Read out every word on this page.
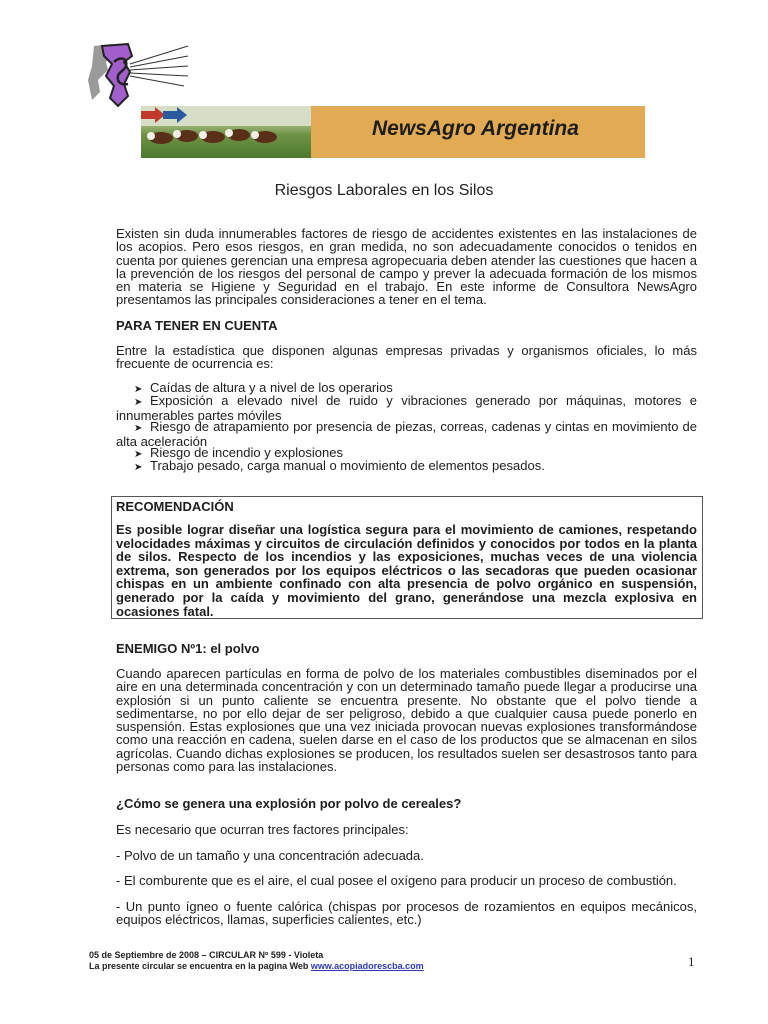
NewsAgro Argentina
Riesgos Laborales en los Silos

Existen sin duda innumerables factores de riesgo de accidentes existentes en las instalaciones de los acopios. Pero esos riesgos, en gran medida, no son adecuadamente conocidos o tenidos en cuenta por quienes gerencian una empresa agropecuaria deben atender las cuestiones que hacen a la prevención de los riesgos del personal de campo y prever la adecuada formación de los mismos en materia se Higiene y Seguridad en el trabajo. En este informe de Consultora NewsAgro presentamos las principales consideraciones a tener en el tema.

PARA TENER EN CUENTA

Entre la estadística que disponen algunas empresas privadas y organismos oficiales, lo más frecuente de ocurrencia es:

➤ Caídas de altura y a nivel de los operarios

➤ Exposición a elevado nivel de ruido y vibraciones generado por máquinas, motores e innumerables partes móviles

➤ Riesgo de atrapamiento por presencia de piezas, correas, cadenas y cintas en movimiento de alta aceleración

➤ Riesgo de incendio y explosiones

➤ Trabajo pesado, carga manual o movimiento de elementos pesados.

RECOMENDACIÓN

Es posible lograr diseñar una logística segura para el movimiento de camiones, respetando velocidades máximas y circuitos de circulación definidos y conocidos por todos en la planta de silos. Respecto de los incendios y las exposiciones, muchas veces de una violencia extrema, son generados por los equipos eléctricos o las secadoras que pueden ocasionar chispas en un ambiente confinado con alta presencia de polvo orgánico en suspensión, generado por la caída y movimiento del grano, generándose una mezcla explosiva en ocasiones fatal.

ENEMIGO Nº1: el polvo

Cuando aparecen partículas en forma de polvo de los materiales combustibles diseminados por el aire en una determinada concentración y con un determinado tamaño puede llegar a producirse una explosión si un punto caliente se encuentra presente. No obstante que el polvo tiende a sedimentarse, no por ello dejar de ser peligroso, debido a que cualquier causa puede ponerlo en suspensión. Estas explosiones que una vez iniciada provocan nuevas explosiones transformándose como una reacción en cadena, suelen darse en el caso de los productos que se almacenan en silos agrícolas. Cuando dichas explosiones se producen, los resultados suelen ser desastrosos tanto para personas como para las instalaciones.

¿Cómo se genera una explosión por polvo de cereales?

Es necesario que ocurran tres factores principales:

- Polvo de un tamaño y una concentración adecuada.

- El comburente que es el aire, el cual posee el oxígeno para producir un proceso de combustión.

- Un punto ígneo o fuente calórica (chispas por procesos de rozamientos en equipos mecánicos, equipos eléctricos, llamas, superficies calientes, etc.)

05 de Septiembre de 2008 – CIRCULAR Nº 599 - Violeta
La presente circular se encuentra en la pagina Web www.acopiadorescba.com	1
